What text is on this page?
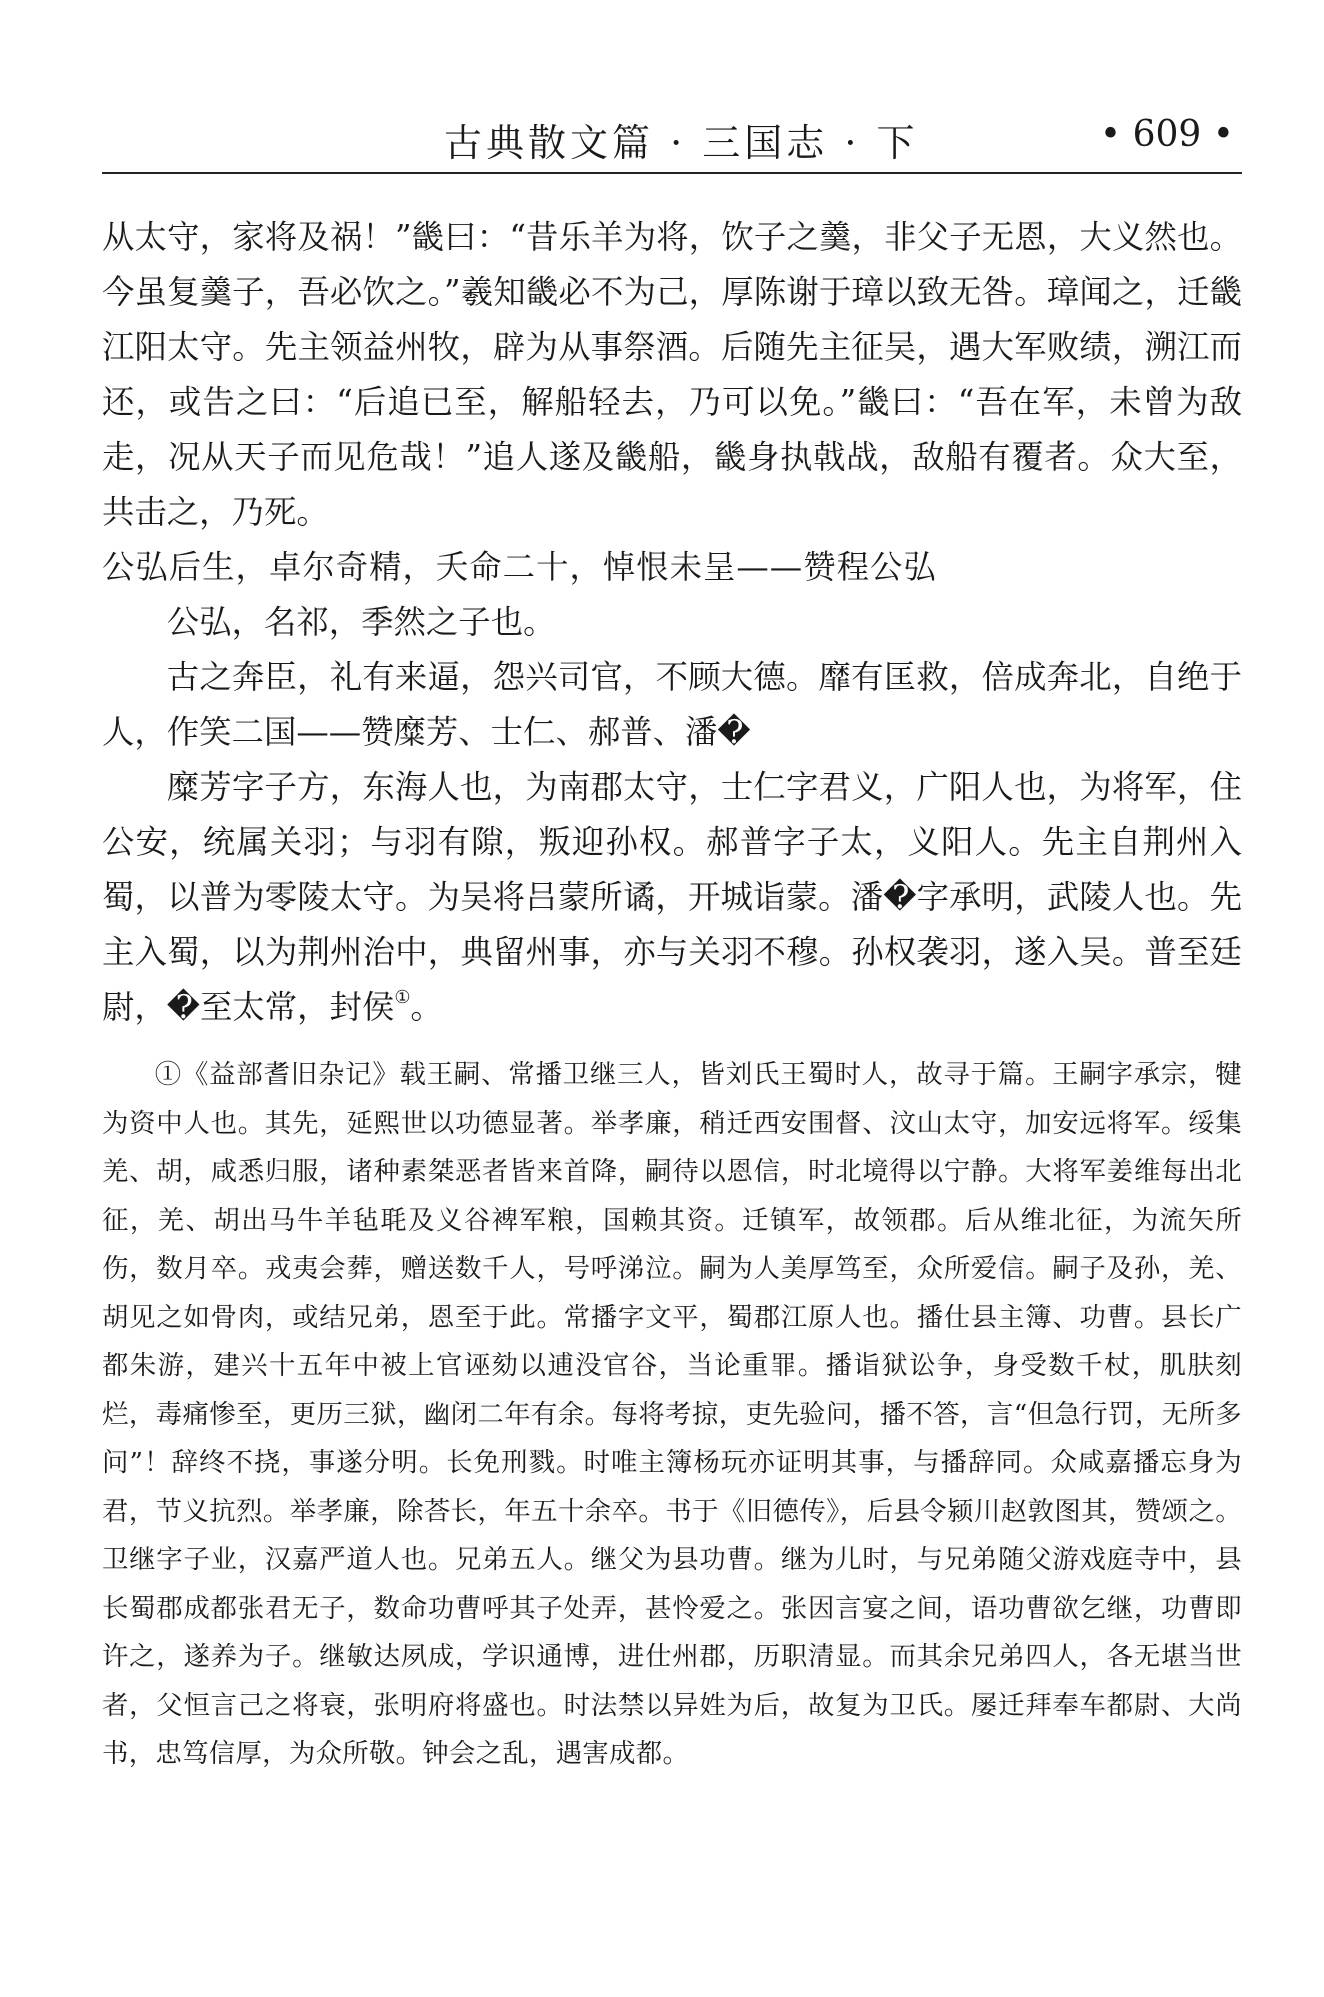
古典散文篇 · 三国志 · 下	• 609 •

从太守，家将及祸！”畿曰：“昔乐羊为将，饮子之羹，非父子无恩，大义然也。今虽复羹子，吾必饮之。”羲知畿必不为己，厚陈谢于璋以致无咎。璋闻之，迁畿江阳太守。先主领益州牧，辟为从事祭酒。后随先主征吴，遇大军败绩，溯江而还，或告之曰：“后追已至，解船轻去，乃可以免。”畿曰：“吾在军，未曾为敌走，况从天子而见危哉！”追人遂及畿船，畿身执戟战，敌船有覆者。众大至，共击之，乃死。

公弘后生，卓尔奇精，夭命二十，悼恨未呈——赞程公弘

公弘，名祁，季然之子也。

古之奔臣，礼有来逼，怨兴司官，不顾大德。靡有匡救，倍成奔北，自绝于人，作笑二国——赞糜芳、士仁、郝普、潘�

糜芳字子方，东海人也，为南郡太守，士仁字君义，广阳人也，为将军，住公安，统属关羽；与羽有隙，叛迎孙权。郝普字子太，义阳人。先主自荆州入蜀，以普为零陵太守。为吴将吕蒙所谲，开城诣蒙。潘�字承明，武陵人也。先主入蜀，以为荆州治中，典留州事，亦与关羽不穆。孙权袭羽，遂入吴。普至廷尉，�至太常，封侯①。

①《益部耆旧杂记》载王嗣、常播卫继三人，皆刘氏王蜀时人，故寻于篇。王嗣字承宗，犍为资中人也。其先，延熙世以功德显著。举孝廉，稍迁西安围督、汶山太守，加安远将军。绥集羌、胡，咸悉归服，诸种素桀恶者皆来首降，嗣待以恩信，时北境得以宁静。大将军姜维每出北征，羌、胡出马牛羊毡毦及义谷裨军粮，国赖其资。迁镇军，故领郡。后从维北征，为流矢所伤，数月卒。戎夷会葬，赠送数千人，号呼涕泣。嗣为人美厚笃至，众所爱信。嗣子及孙，羌、胡见之如骨肉，或结兄弟，恩至于此。常播字文平，蜀郡江原人也。播仕县主簿、功曹。县长广都朱游，建兴十五年中被上官诬劾以逋没官谷，当论重罪。播诣狱讼争，身受数千杖，肌肤刻烂，毒痛惨至，更历三狱，幽闭二年有余。每将考掠，吏先验问，播不答，言“但急行罚，无所多问”！辞终不挠，事遂分明。长免刑戮。时唯主簿杨玩亦证明其事，与播辞同。众咸嘉播忘身为君，节义抗烈。举孝廉，除荅长，年五十余卒。书于《旧德传》，后县令颍川赵敦图其，赞颂之。卫继字子业，汉嘉严道人也。兄弟五人。继父为县功曹。继为儿时，与兄弟随父游戏庭寺中，县长蜀郡成都张君无子，数命功曹呼其子处弄，甚怜爱之。张因言宴之间，语功曹欲乞继，功曹即许之，遂养为子。继敏达夙成，学识通博，进仕州郡，历职清显。而其余兄弟四人，各无堪当世者，父恒言己之将衰，张明府将盛也。时法禁以异姓为后，故复为卫氏。屡迁拜奉车都尉、大尚书，忠笃信厚，为众所敬。钟会之乱，遇害成都。
